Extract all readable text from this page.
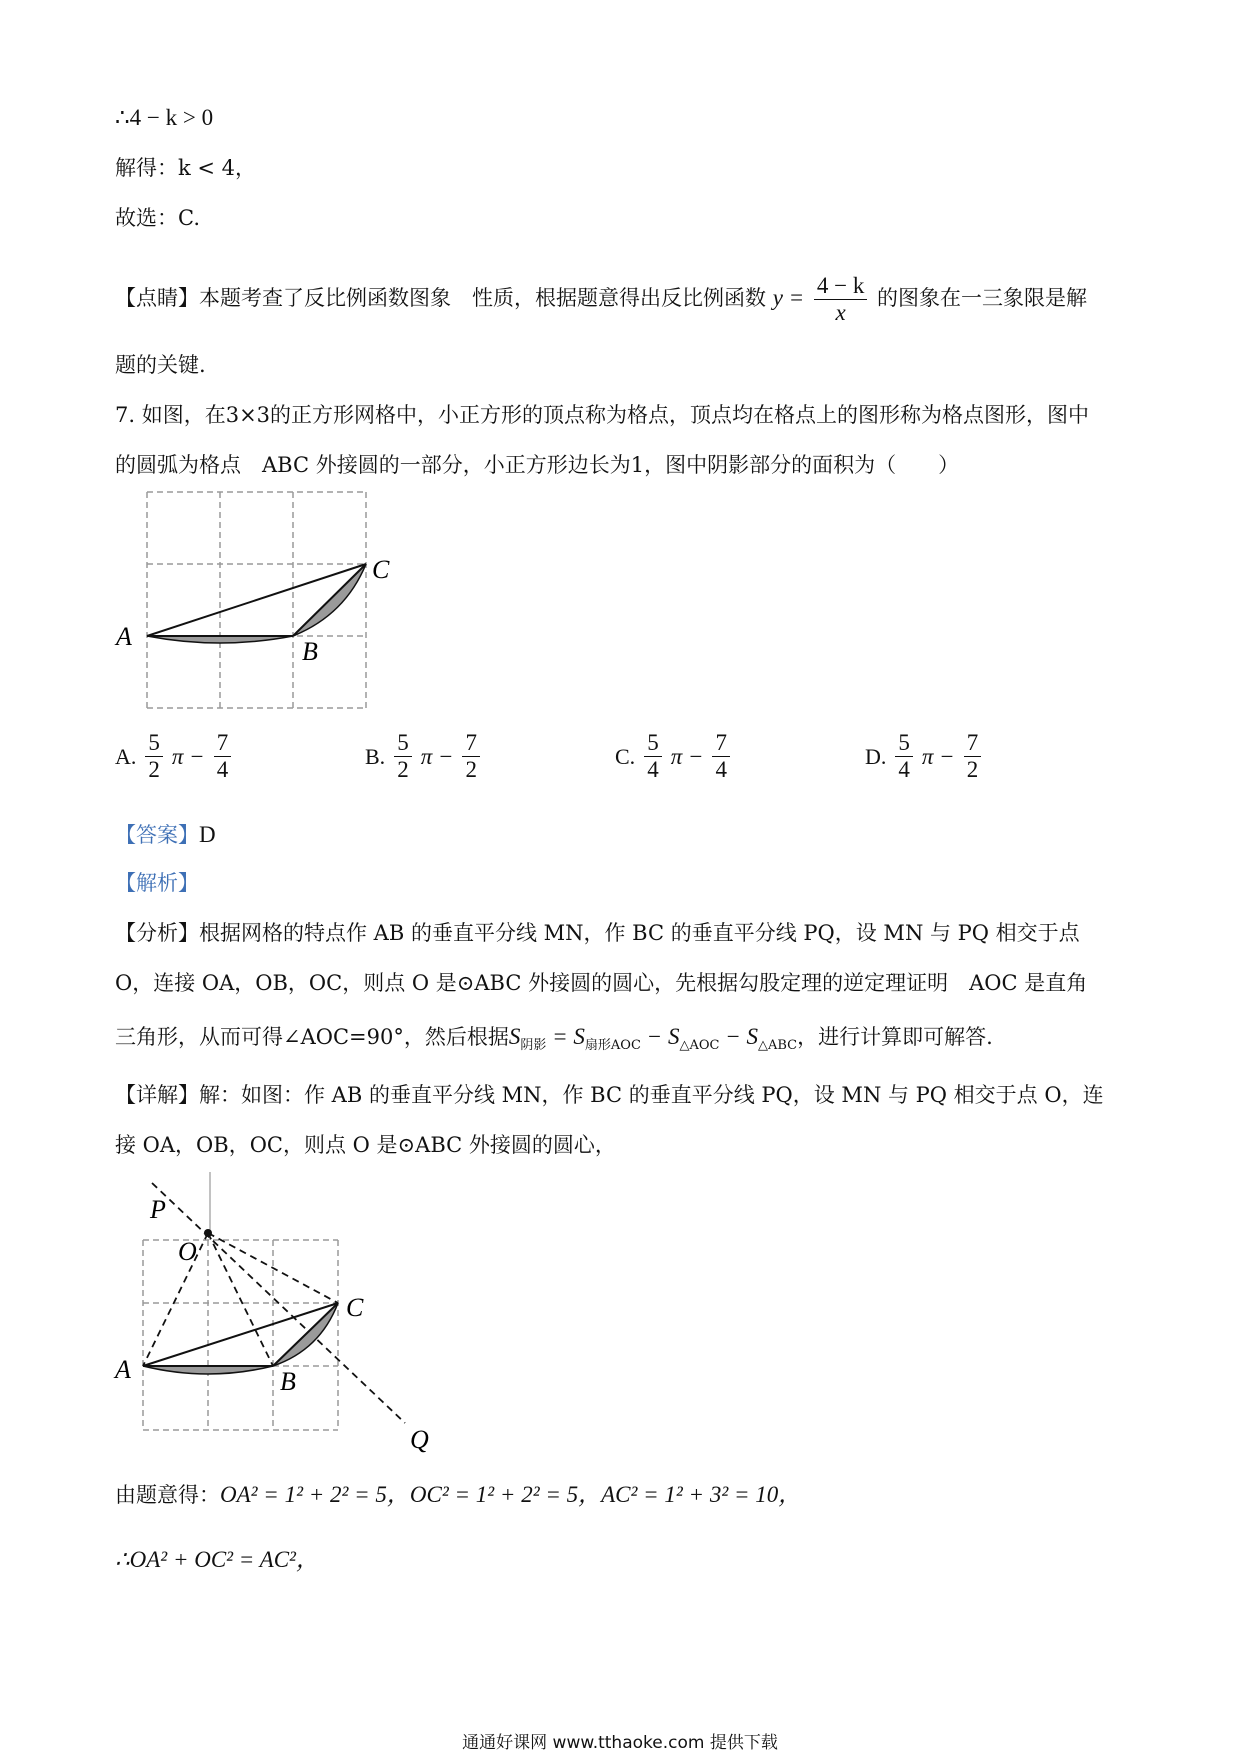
∴4 − k > 0
解得：k < 4，
故选：C.
【点睛】本题考查了反比例函数图象　性质，根据题意得出反比例函数 $y = \frac{4 - k}{x}$ 的图象在一三象限是解
题的关键.
7. 如图，在3×3的正方形网格中，小正方形的顶点称为格点，顶点均在格点上的图形称为格点图形，图中
的圆弧为格点　ABC 外接圆的一部分，小正方形边长为1，图中阴影部分的面积为（　　）
A
B
C
A. $\frac{5}{2}$ $\pi - \frac{7}{4}$	B. $\frac{5}{2}$ $\pi - \frac{7}{2}$	C. $\frac{5}{4}$ $\pi - \frac{7}{4}$	D. $\frac{5}{4}$ $\pi - \frac{7}{2}$
【答案】D
【解析】
【分析】根据网格的特点作 AB 的垂直平分线 MN，作 BC 的垂直平分线 PQ，设 MN 与 PQ 相交于点
O，连接 OA，OB，OC，则点 O 是⊙ABC 外接圆的圆心，先根据勾股定理的逆定理证明　AOC 是直角
三角形，从而可得∠AOC=90°，然后根据$S_{阴影} = S_{扇形AOC} - S_{\triangle AOC} - S_{\triangle ABC}$，进行计算即可解答.
【详解】解：如图：作 AB 的垂直平分线 MN，作 BC 的垂直平分线 PQ，设 MN 与 PQ 相交于点 O，连
接 OA，OB，OC，则点 O 是⊙ABC 外接圆的圆心，
P
O
A	B
C
Q
由题意得：OA² = 1² + 2² = 5，OC² = 1² + 2² = 5，AC² = 1² + 3² = 10，
∴OA² + OC² = AC²，
通通好课网 www.tthaoke.com 提供下载
